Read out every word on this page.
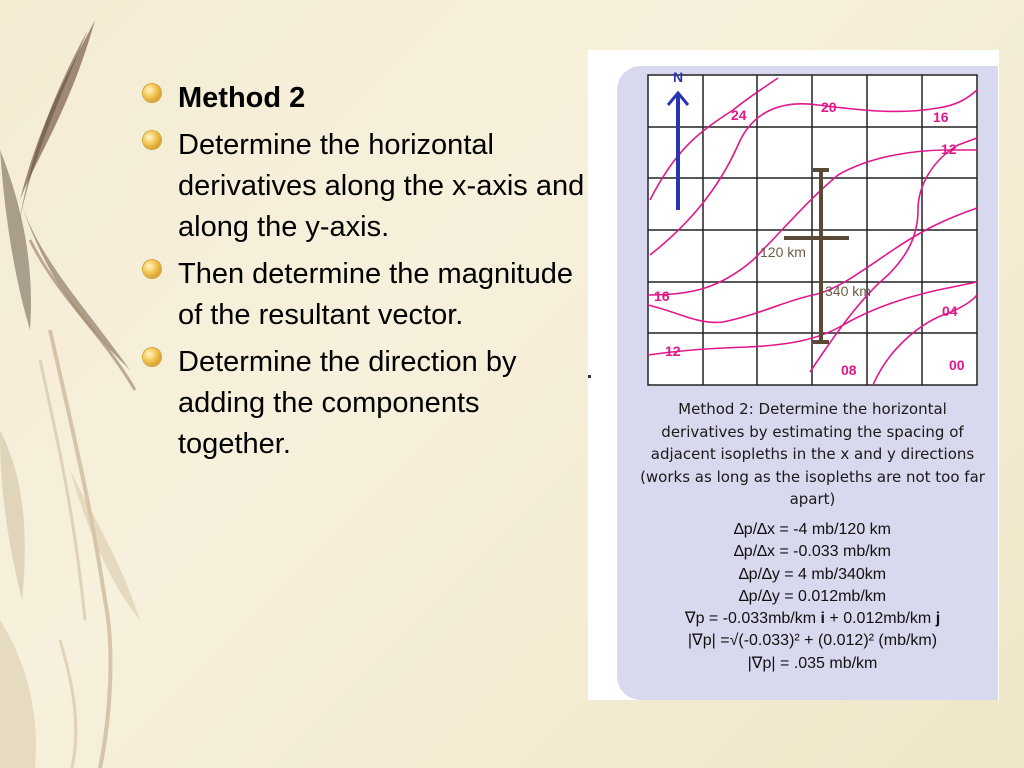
Method 2
Determine the horizontal derivatives along the x-axis and along the y-axis.
Then determine the magnitude of the resultant vector.
Determine the direction by adding the components together.
N
24	20
16
12
16
04
12
08	00
120 km
340 km
Method 2: Determine the horizontal derivatives by estimating the spacing of adjacent isopleths in the x and y directions (works as long as the isopleths are not too far apart)
∆p/∆x = -4 mb/120 km
∆p/∆x = -0.033 mb/km
∆p/∆y = 4 mb/340km
∆p/∆y = 0.012mb/km
∇p = -0.033mb/km i + 0.012mb/km j
|∇p| =√(-0.033)² + (0.012)² (mb/km)
|∇p| = .035 mb/km
